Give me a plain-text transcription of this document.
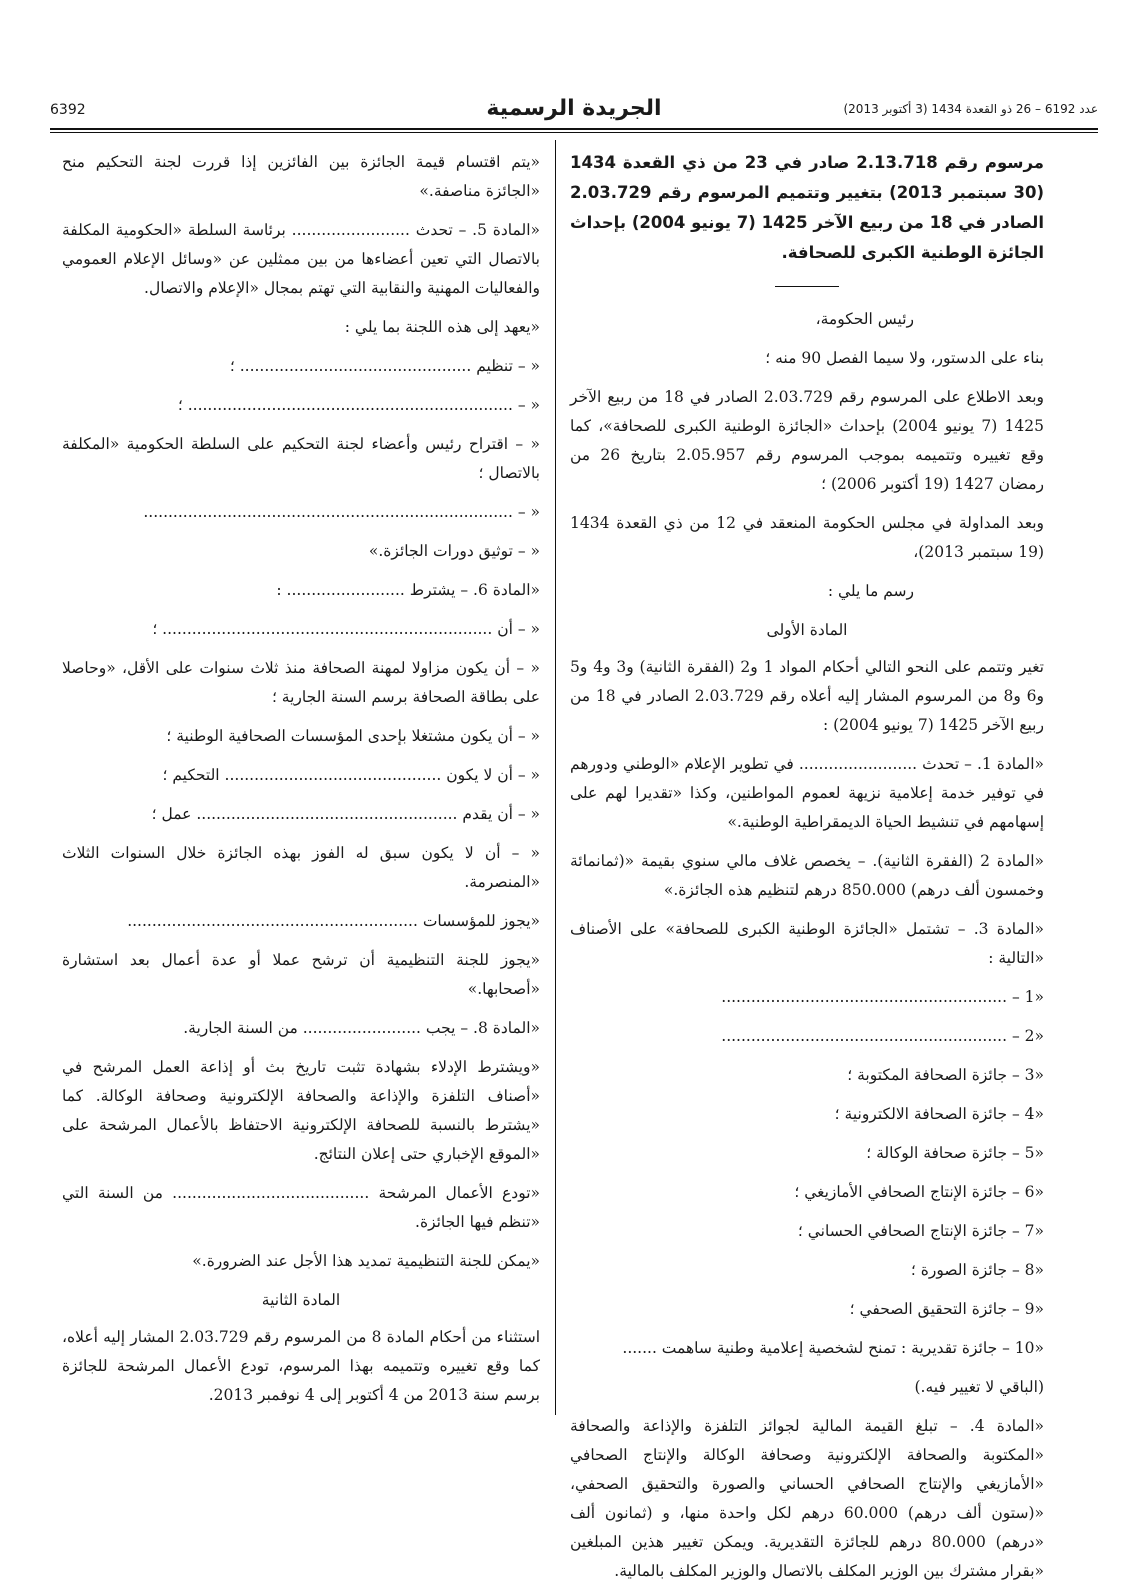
6392	الجريدة الرسمية	عدد 6192 – 26 ذو القعدة 1434 (3 أكتوبر 2013)
مرسوم رقم 2.13.718 صادر في 23 من ذي القعدة 1434 (30 سبتمبر 2013) بتغيير وتتميم المرسوم رقم 2.03.729 الصادر في 18 من ربيع الآخر 1425 (7 يونيو 2004) بإحداث الجائزة الوطنية الكبرى للصحافة.

رئيس الحكومة،

بناء على الدستور، ولا سيما الفصل 90 منه ؛

وبعد الاطلاع على المرسوم رقم 2.03.729 الصادر في 18 من ربيع الآخر 1425 (7 يونيو 2004) بإحداث «الجائزة الوطنية الكبرى للصحافة»، كما وقع تغييره وتتميمه بموجب المرسوم رقم 2.05.957 بتاريخ 26 من رمضان 1427 (19 أكتوبر 2006) ؛

وبعد المداولة في مجلس الحكومة المنعقد في 12 من ذي القعدة 1434 (19 سبتمبر 2013)،

رسم ما يلي :

المادة الأولى

تغير وتتمم على النحو التالي أحكام المواد 1 و2 (الفقرة الثانية) و3 و4 و5 و6 و8 من المرسوم المشار إليه أعلاه رقم 2.03.729 الصادر في 18 من ربيع الآخر 1425 (7 يونيو 2004) :

«المادة 1. – تحدث ........................ في تطوير الإعلام «الوطني ودورهم في توفير خدمة إعلامية نزيهة لعموم المواطنين، وكذا «تقديرا لهم على إسهامهم في تنشيط الحياة الديمقراطية الوطنية.»

«المادة 2 (الفقرة الثانية). – يخصص غلاف مالي سنوي بقيمة «(ثمانمائة وخمسون ألف درهم) 850.000 درهم لتنظيم هذه الجائزة.»

«المادة 3. – تشتمل «الجائزة الوطنية الكبرى للصحافة» على الأصناف «التالية :

«1 – ..........................................................

«2 – ..........................................................

«3 – جائزة الصحافة المكتوبة ؛

«4 – جائزة الصحافة الالكترونية ؛

«5 – جائزة صحافة الوكالة ؛

«6 – جائزة الإنتاج الصحافي الأمازيغي ؛

«7 – جائزة الإنتاج الصحافي الحساني ؛

«8 – جائزة الصورة ؛

«9 – جائزة التحقيق الصحفي ؛

«10 – جائزة تقديرية : تمنح لشخصية إعلامية وطنية ساهمت .......

(الباقي لا تغيير فيه.)

«المادة 4. – تبلغ القيمة المالية لجوائز التلفزة والإذاعة والصحافة «المكتوبة والصحافة الإلكترونية وصحافة الوكالة والإنتاج الصحافي «الأمازيغي والإنتاج الصحافي الحساني والصورة والتحقيق الصحفي، «(ستون ألف درهم) 60.000 درهم لكل واحدة منها، و (ثمانون ألف «درهم) 80.000 درهم للجائزة التقديرية. ويمكن تغيير هذين المبلغين «بقرار مشترك بين الوزير المكلف بالاتصال والوزير المكلف بالمالية.

«يتم اقتسام قيمة الجائزة بين الفائزين إذا قررت لجنة التحكيم منح «الجائزة مناصفة.»

«المادة 5. – تحدث ........................ برئاسة السلطة «الحكومية المكلفة بالاتصال التي تعين أعضاءها من بين ممثلين عن «وسائل الإعلام العمومي والفعاليات المهنية والنقابية التي تهتم بمجال «الإعلام والاتصال.

«يعهد إلى هذه اللجنة بما يلي :

« – تنظيم ............................................... ؛

« – .................................................................. ؛

« – اقتراح رئيس وأعضاء لجنة التحكيم على السلطة الحكومية «المكلفة بالاتصال ؛

« – ...........................................................................

« – توثيق دورات الجائزة.»

«المادة 6. – يشترط ........................ :

« – أن ................................................................... ؛

« – أن يكون مزاولا لمهنة الصحافة منذ ثلاث سنوات على الأقل، «وحاصلا على بطاقة الصحافة برسم السنة الجارية ؛

« – أن يكون مشتغلا بإحدى المؤسسات الصحافية الوطنية ؛

« – أن لا يكون ............................................ التحكيم ؛

« – أن يقدم ..................................................... عمل ؛

« – أن لا يكون سبق له الفوز بهذه الجائزة خلال السنوات الثلاث «المنصرمة.

«يجوز للمؤسسات ...........................................................

«يجوز للجنة التنظيمية أن ترشح عملا أو عدة أعمال بعد استشارة «أصحابها.»

«المادة 8. – يجب ........................ من السنة الجارية.

«ويشترط الإدلاء بشهادة تثبت تاريخ بث أو إذاعة العمل المرشح في «أصناف التلفزة والإذاعة والصحافة الإلكترونية وصحافة الوكالة. كما «يشترط بالنسبة للصحافة الإلكترونية الاحتفاظ بالأعمال المرشحة على «الموقع الإخباري حتى إعلان النتائج.

«تودع الأعمال المرشحة ........................................ من السنة التي «تنظم فيها الجائزة.

«يمكن للجنة التنظيمية تمديد هذا الأجل عند الضرورة.»

المادة الثانية

استثناء من أحكام المادة 8 من المرسوم رقم 2.03.729 المشار إليه أعلاه، كما وقع تغييره وتتميمه بهذا المرسوم، تودع الأعمال المرشحة للجائزة برسم سنة 2013 من 4 أكتوبر إلى 4 نوفمبر 2013.
